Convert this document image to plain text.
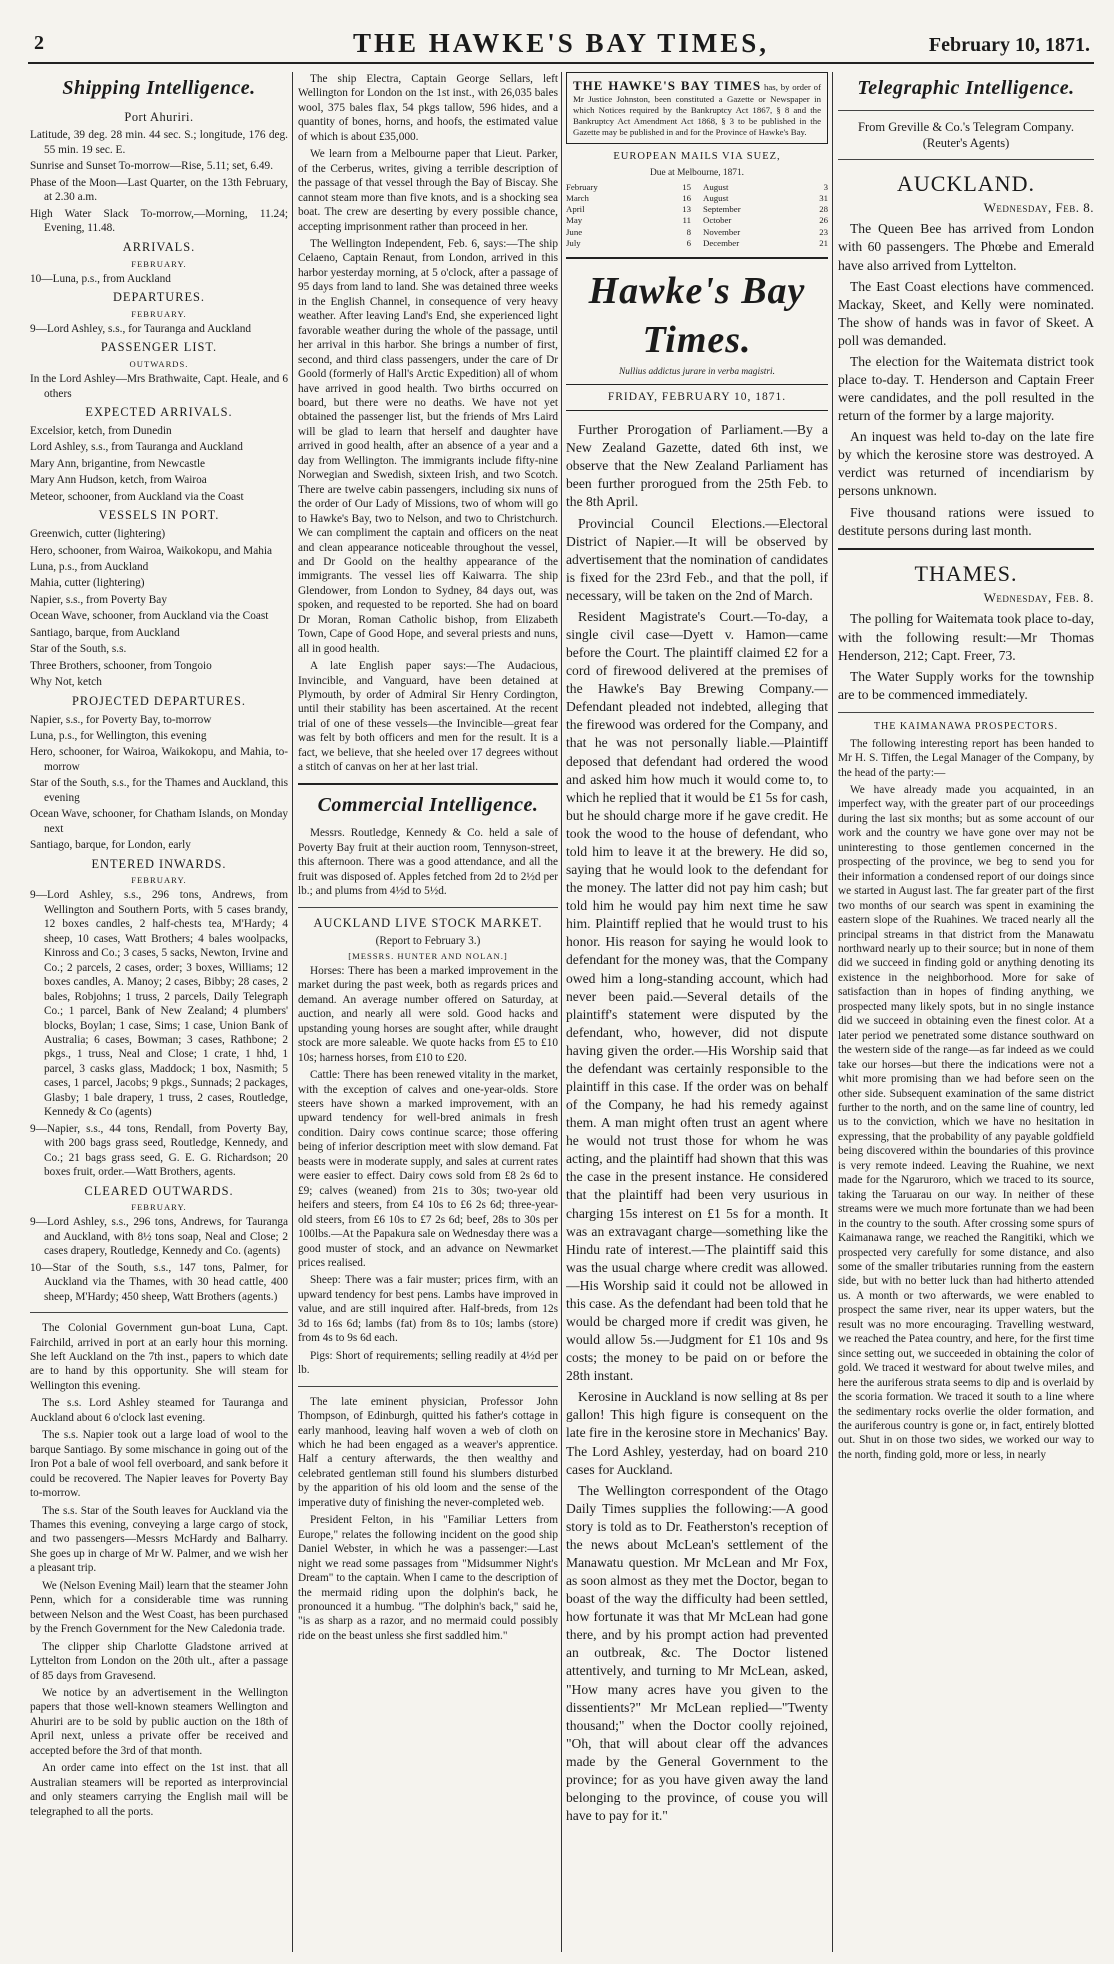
2	THE HAWKE'S BAY TIMES,	February 10, 1871.
Shipping Intelligence.
Port Ahuriri.
Latitude, 39 deg. 28 min. 44 sec. S.; longitude, 176 deg. 55 min. 19 sec. E.
Sunrise and Sunset To-morrow—Rise, 5.11; set, 6.49.
Phase of the Moon—Last Quarter, on the 13th February, at 2.30 a.m.
High Water Slack To-morrow,—Morning, 11.24; Evening, 11.48.
ARRIVALS.
FEBRUARY.
10—Luna, p.s., from Auckland
DEPARTURES.
FEBRUARY.
9—Lord Ashley, s.s., for Tauranga and Auckland
PASSENGER LIST.
OUTWARDS.
In the Lord Ashley—Mrs Brathwaite, Capt. Heale, and 6 others
EXPECTED ARRIVALS.
Excelsior, ketch, from Dunedin
Lord Ashley, s.s., from Tauranga and Auckland
Mary Ann, brigantine, from Newcastle
Mary Ann Hudson, ketch, from Wairoa
Meteor, schooner, from Auckland via the Coast
VESSELS IN PORT.
Greenwich, cutter (lightering)
Hero, schooner, from Wairoa, Waikokopu, and Mahia
Luna, p.s., from Auckland
Mahia, cutter (lightering)
Napier, s.s., from Poverty Bay
Ocean Wave, schooner, from Auckland via the Coast
Santiago, barque, from Auckland
Star of the South, s.s.
Three Brothers, schooner, from Tongoio
Why Not, ketch
PROJECTED DEPARTURES.
Napier, s.s., for Poverty Bay, to-morrow
Luna, p.s., for Wellington, this evening
Hero, schooner, for Wairoa, Waikokopu, and Mahia, to-morrow
Star of the South, s.s., for the Thames and Auckland, this evening
Ocean Wave, schooner, for Chatham Islands, on Monday next
Santiago, barque, for London, early
ENTERED INWARDS.
FEBRUARY.
9—Lord Ashley, s.s., 296 tons, Andrews, from Wellington and Southern Ports, with 5 cases brandy, 12 boxes candles, 2 half-chests tea, M'Hardy; 4 sheep, 10 cases, Watt Brothers; 4 bales woolpacks, Kinross and Co.; 3 cases, 5 sacks, Newton, Irvine and Co.; 2 parcels, 2 cases, order; 3 boxes, Williams; 12 boxes candles, A. Manoy; 2 cases, Bibby; 28 cases, 2 bales, Robjohns; 1 truss, 2 parcels, Daily Telegraph Co.; 1 parcel, Bank of New Zealand; 4 plumbers' blocks, Boylan; 1 case, Sims; 1 case, Union Bank of Australia; 6 cases, Bowman; 3 cases, Rathbone; 2 pkgs., 1 truss, Neal and Close; 1 crate, 1 hhd, 1 parcel, 3 casks glass, Maddock; 1 box, Nasmith; 5 cases, 1 parcel, Jacobs; 9 pkgs., Sunnads; 2 packages, Glasby; 1 bale drapery, 1 truss, 2 cases, Routledge, Kennedy & Co (agents)
9—Napier, s.s., 44 tons, Rendall, from Poverty Bay, with 200 bags grass seed, Routledge, Kennedy, and Co.; 21 bags grass seed, G. E. G. Richardson; 20 boxes fruit, order.—Watt Brothers, agents.
CLEARED OUTWARDS.
FEBRUARY.
9—Lord Ashley, s.s., 296 tons, Andrews, for Tauranga and Auckland, with 8½ tons soap, Neal and Close; 2 cases drapery, Routledge, Kennedy and Co. (agents)
10—Star of the South, s.s., 147 tons, Palmer, for Auckland via the Thames, with 30 head cattle, 400 sheep, M'Hardy; 450 sheep, Watt Brothers (agents.)

The Colonial Government gun-boat Luna, Capt. Fairchild, arrived in port at an early hour this morning. She left Auckland on the 7th inst., papers to which date are to hand by this opportunity. She will steam for Wellington this evening.

The s.s. Lord Ashley steamed for Tauranga and Auckland about 6 o'clock last evening.

The s.s. Napier took out a large load of wool to the barque Santiago. By some mischance in going out of the Iron Pot a bale of wool fell overboard, and sank before it could be recovered. The Napier leaves for Poverty Bay to-morrow.

The s.s. Star of the South leaves for Auckland via the Thames this evening, conveying a large cargo of stock, and two passengers—Messrs McHardy and Balharry. She goes up in charge of Mr W. Palmer, and we wish her a pleasant trip.

We (Nelson Evening Mail) learn that the steamer John Penn, which for a considerable time was running between Nelson and the West Coast, has been purchased by the French Government for the New Caledonia trade.

The clipper ship Charlotte Gladstone arrived at Lyttelton from London on the 20th ult., after a passage of 85 days from Gravesend.

We notice by an advertisement in the Wellington papers that those well-known steamers Wellington and Ahuriri are to be sold by public auction on the 18th of April next, unless a private offer be received and accepted before the 3rd of that month.

An order came into effect on the 1st inst. that all Australian steamers will be reported as interprovincial and only steamers carrying the English mail will be telegraphed to all the ports.

The ship Electra, Captain George Sellars, left Wellington for London on the 1st inst., with 26,035 bales wool, 375 bales flax, 54 pkgs tallow, 596 hides, and a quantity of bones, horns, and hoofs, the estimated value of which is about £35,000.

We learn from a Melbourne paper that Lieut. Parker, of the Cerberus, writes, giving a terrible description of the passage of that vessel through the Bay of Biscay. She cannot steam more than five knots, and is a shocking sea boat. The crew are deserting by every possible chance, accepting imprisonment rather than proceed in her.

The Wellington Independent, Feb. 6, says:—The ship Celaeno, Captain Renaut, from London, arrived in this harbor yesterday morning, at 5 o'clock, after a passage of 95 days from land to land. She was detained three weeks in the English Channel, in consequence of very heavy weather. After leaving Land's End, she experienced light favorable weather during the whole of the passage, until her arrival in this harbor. She brings a number of first, second, and third class passengers, under the care of Dr Goold (formerly of Hall's Arctic Expedition) all of whom have arrived in good health. Two births occurred on board, but there were no deaths. We have not yet obtained the passenger list, but the friends of Mrs Laird will be glad to learn that herself and daughter have arrived in good health, after an absence of a year and a day from Wellington. The immigrants include fifty-nine Norwegian and Swedish, sixteen Irish, and two Scotch. There are twelve cabin passengers, including six nuns of the order of Our Lady of Missions, two of whom will go to Hawke's Bay, two to Nelson, and two to Christchurch. We can compliment the captain and officers on the neat and clean appearance noticeable throughout the vessel, and Dr Goold on the healthy appearance of the immigrants. The vessel lies off Kaiwarra. The ship Glendower, from London to Sydney, 84 days out, was spoken, and requested to be reported. She had on board Dr Moran, Roman Catholic bishop, from Elizabeth Town, Cape of Good Hope, and several priests and nuns, all in good health.

A late English paper says:—The Audacious, Invincible, and Vanguard, have been detained at Plymouth, by order of Admiral Sir Henry Cordington, until their stability has been ascertained. At the recent trial of one of these vessels—the Invincible—great fear was felt by both officers and men for the result. It is a fact, we believe, that she heeled over 17 degrees without a stitch of canvas on her at her last trial.

Commercial Intelligence.

Messrs. Routledge, Kennedy & Co. held a sale of Poverty Bay fruit at their auction room, Tennyson-street, this afternoon. There was a good attendance, and all the fruit was disposed of. Apples fetched from 2d to 2½d per lb.; and plums from 4½d to 5½d.

AUCKLAND LIVE STOCK MARKET.
(Report to February 3.)
[MESSRS. HUNTER AND NOLAN.]

Horses: There has been a marked improvement in the market during the past week, both as regards prices and demand. An average number offered on Saturday, at auction, and nearly all were sold. Good hacks and upstanding young horses are sought after, while draught stock are more saleable. We quote hacks from £5 to £10 10s; harness horses, from £10 to £20.

Cattle: There has been renewed vitality in the market, with the exception of calves and one-year-olds. Store steers have shown a marked improvement, with an upward tendency for well-bred animals in fresh condition. Dairy cows continue scarce; those offering being of inferior description meet with slow demand. Fat beasts were in moderate supply, and sales at current rates were easier to effect. Dairy cows sold from £8 2s 6d to £9; calves (weaned) from 21s to 30s; two-year old heifers and steers, from £4 10s to £6 2s 6d; three-year-old steers, from £6 10s to £7 2s 6d; beef, 28s to 30s per 100lbs.—At the Papakura sale on Wednesday there was a good muster of stock, and an advance on Newmarket prices realised.

Sheep: There was a fair muster; prices firm, with an upward tendency for best pens. Lambs have improved in value, and are still inquired after. Half-breds, from 12s 3d to 16s 6d; lambs (fat) from 8s to 10s; lambs (store) from 4s to 9s 6d each.

Pigs: Short of requirements; selling readily at 4½d per lb.

The late eminent physician, Professor John Thompson, of Edinburgh, quitted his father's cottage in early manhood, leaving half woven a web of cloth on which he had been engaged as a weaver's apprentice. Half a century afterwards, the then wealthy and celebrated gentleman still found his slumbers disturbed by the apparition of his old loom and the sense of the imperative duty of finishing the never-completed web.

President Felton, in his "Familiar Letters from Europe," relates the following incident on the good ship Daniel Webster, in which he was a passenger:—Last night we read some passages from "Midsummer Night's Dream" to the captain. When I came to the description of the mermaid riding upon the dolphin's back, he pronounced it a humbug. "The dolphin's back," said he, "is as sharp as a razor, and no mermaid could possibly ride on the beast unless she first saddled him."

THE HAWKE'S BAY TIMES has, by order of Mr Justice Johnston, been constituted a Gazette or Newspaper in which Notices required by the Bankruptcy Act 1867, § 8 and the Bankruptcy Act Amendment Act 1868, § 3 to be published in the Gazette may be published in and for the Province of Hawke's Bay.
EUROPEAN MAILS VIA SUEZ,
Due at Melbourne, 1871.
February	15
March	16
April	13
May	11
June	8
July	6
August	3
August	31
September	28
October	26
November	23
December	21
Hawke's Bay Times.
Nullius addictus jurare in verba magistri.
FRIDAY, FEBRUARY 10, 1871.

Further Prorogation of Parliament.—By a New Zealand Gazette, dated 6th inst, we observe that the New Zealand Parliament has been further prorogued from the 25th Feb. to the 8th April.

Provincial Council Elections.—Electoral District of Napier.—It will be observed by advertisement that the nomination of candidates is fixed for the 23rd Feb., and that the poll, if necessary, will be taken on the 2nd of March.

Resident Magistrate's Court.—To-day, a single civil case—Dyett v. Hamon—came before the Court. The plaintiff claimed £2 for a cord of firewood delivered at the premises of the Hawke's Bay Brewing Company.—Defendant pleaded not indebted, alleging that the firewood was ordered for the Company, and that he was not personally liable.—Plaintiff deposed that defendant had ordered the wood and asked him how much it would come to, to which he replied that it would be £1 5s for cash, but he should charge more if he gave credit. He took the wood to the house of defendant, who told him to leave it at the brewery. He did so, saying that he would look to the defendant for the money. The latter did not pay him cash; but told him he would pay him next time he saw him. Plaintiff replied that he would trust to his honor. His reason for saying he would look to defendant for the money was, that the Company owed him a long-standing account, which had never been paid.—Several details of the plaintiff's statement were disputed by the defendant, who, however, did not dispute having given the order.—His Worship said that the defendant was certainly responsible to the plaintiff in this case. If the order was on behalf of the Company, he had his remedy against them. A man might often trust an agent where he would not trust those for whom he was acting, and the plaintiff had shown that this was the case in the present instance. He considered that the plaintiff had been very usurious in charging 15s interest on £1 5s for a month. It was an extravagant charge—something like the Hindu rate of interest.—The plaintiff said this was the usual charge where credit was allowed.—His Worship said it could not be allowed in this case. As the defendant had been told that he would be charged more if credit was given, he would allow 5s.—Judgment for £1 10s and 9s costs; the money to be paid on or before the 28th instant.

Kerosine in Auckland is now selling at 8s per gallon! This high figure is consequent on the late fire in the kerosine store in Mechanics' Bay. The Lord Ashley, yesterday, had on board 210 cases for Auckland.

The Wellington correspondent of the Otago Daily Times supplies the following:—A good story is told as to Dr. Featherston's reception of the news about McLean's settlement of the Manawatu question. Mr McLean and Mr Fox, as soon almost as they met the Doctor, began to boast of the way the difficulty had been settled, how fortunate it was that Mr McLean had gone there, and by his prompt action had prevented an outbreak, &c. The Doctor listened attentively, and turning to Mr McLean, asked, "How many acres have you given to the dissentients?" Mr McLean replied—"Twenty thousand;" when the Doctor coolly rejoined, "Oh, that will about clear off the advances made by the General Government to the province; for as you have given away the land belonging to the province, of couse you will have to pay for it."

Telegraphic Intelligence.
From Greville & Co.'s Telegram Company. (Reuter's Agents)
AUCKLAND.
Wednesday, Feb. 8.

The Queen Bee has arrived from London with 60 passengers. The Phœbe and Emerald have also arrived from Lyttelton.

The East Coast elections have commenced. Mackay, Skeet, and Kelly were nominated. The show of hands was in favor of Skeet. A poll was demanded.

The election for the Waitemata district took place to-day. T. Henderson and Captain Freer were candidates, and the poll resulted in the return of the former by a large majority.

An inquest was held to-day on the late fire by which the kerosine store was destroyed. A verdict was returned of incendiarism by persons unknown.

Five thousand rations were issued to destitute persons during last month.

THAMES.
Wednesday, Feb. 8.

The polling for Waitemata took place to-day, with the following result:—Mr Thomas Henderson, 212; Capt. Freer, 73.

The Water Supply works for the township are to be commenced immediately.

THE KAIMANAWA PROSPECTORS.

The following interesting report has been handed to Mr H. S. Tiffen, the Legal Manager of the Company, by the head of the party:—

We have already made you acquainted, in an imperfect way, with the greater part of our proceedings during the last six months; but as some account of our work and the country we have gone over may not be uninteresting to those gentlemen concerned in the prospecting of the province, we beg to send you for their information a condensed report of our doings since we started in August last. The far greater part of the first two months of our search was spent in examining the eastern slope of the Ruahines. We traced nearly all the principal streams in that district from the Manawatu northward nearly up to their source; but in none of them did we succeed in finding gold or anything denoting its existence in the neighborhood. More for sake of satisfaction than in hopes of finding anything, we prospected many likely spots, but in no single instance did we succeed in obtaining even the finest color. At a later period we penetrated some distance southward on the western side of the range—as far indeed as we could take our horses—but there the indications were not a whit more promising than we had before seen on the other side. Subsequent examination of the same district further to the north, and on the same line of country, led us to the conviction, which we have no hesitation in expressing, that the probability of any payable goldfield being discovered within the boundaries of this province is very remote indeed. Leaving the Ruahine, we next made for the Ngaruroro, which we traced to its source, taking the Taruarau on our way. In neither of these streams were we much more fortunate than we had been in the country to the south. After crossing some spurs of Kaimanawa range, we reached the Rangitiki, which we prospected very carefully for some distance, and also some of the smaller tributaries running from the eastern side, but with no better luck than had hitherto attended us. A month or two afterwards, we were enabled to prospect the same river, near its upper waters, but the result was no more encouraging. Travelling westward, we reached the Patea country, and here, for the first time since setting out, we succeeded in obtaining the color of gold. We traced it westward for about twelve miles, and here the auriferous strata seems to dip and is overlaid by the scoria formation. We traced it south to a line where the sedimentary rocks overlie the older formation, and the auriferous country is gone or, in fact, entirely blotted out. Shut in on those two sides, we worked our way to the north, finding gold, more or less, in nearly
